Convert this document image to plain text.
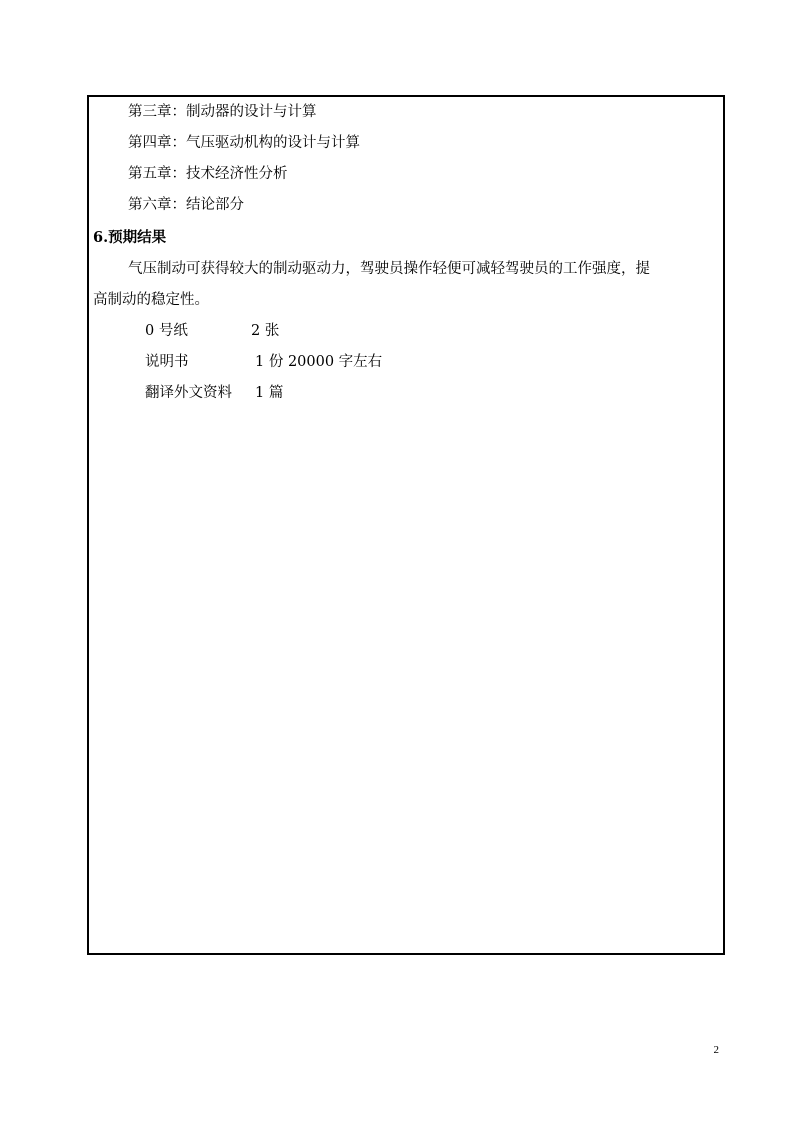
第三章：制动器的设计与计算
第四章：气压驱动机构的设计与计算
第五章：技术经济性分析
第六章：结论部分
6.预期结果
气压制动可获得较大的制动驱动力，驾驶员操作轻便可减轻驾驶员的工作强度，提
高制动的稳定性。
0 号纸	2 张
说明书	1 份 20000 字左右
翻译外文资料 1 篇
2
